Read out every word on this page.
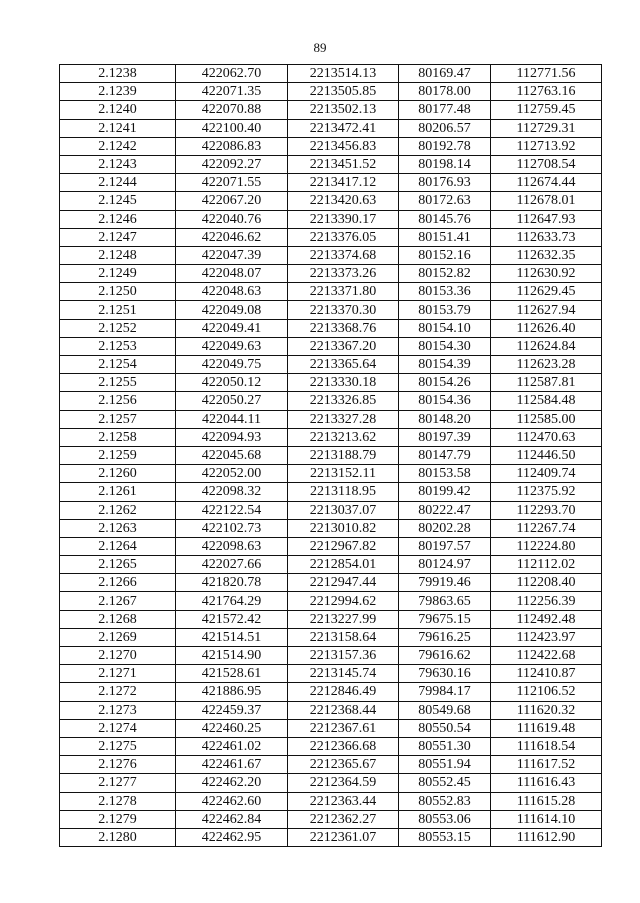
89
2.1238	422062.70	2213514.13	80169.47	112771.56
2.1239	422071.35	2213505.85	80178.00	112763.16
2.1240	422070.88	2213502.13	80177.48	112759.45
2.1241	422100.40	2213472.41	80206.57	112729.31
2.1242	422086.83	2213456.83	80192.78	112713.92
2.1243	422092.27	2213451.52	80198.14	112708.54
2.1244	422071.55	2213417.12	80176.93	112674.44
2.1245	422067.20	2213420.63	80172.63	112678.01
2.1246	422040.76	2213390.17	80145.76	112647.93
2.1247	422046.62	2213376.05	80151.41	112633.73
2.1248	422047.39	2213374.68	80152.16	112632.35
2.1249	422048.07	2213373.26	80152.82	112630.92
2.1250	422048.63	2213371.80	80153.36	112629.45
2.1251	422049.08	2213370.30	80153.79	112627.94
2.1252	422049.41	2213368.76	80154.10	112626.40
2.1253	422049.63	2213367.20	80154.30	112624.84
2.1254	422049.75	2213365.64	80154.39	112623.28
2.1255	422050.12	2213330.18	80154.26	112587.81
2.1256	422050.27	2213326.85	80154.36	112584.48
2.1257	422044.11	2213327.28	80148.20	112585.00
2.1258	422094.93	2213213.62	80197.39	112470.63
2.1259	422045.68	2213188.79	80147.79	112446.50
2.1260	422052.00	2213152.11	80153.58	112409.74
2.1261	422098.32	2213118.95	80199.42	112375.92
2.1262	422122.54	2213037.07	80222.47	112293.70
2.1263	422102.73	2213010.82	80202.28	112267.74
2.1264	422098.63	2212967.82	80197.57	112224.80
2.1265	422027.66	2212854.01	80124.97	112112.02
2.1266	421820.78	2212947.44	79919.46	112208.40
2.1267	421764.29	2212994.62	79863.65	112256.39
2.1268	421572.42	2213227.99	79675.15	112492.48
2.1269	421514.51	2213158.64	79616.25	112423.97
2.1270	421514.90	2213157.36	79616.62	112422.68
2.1271	421528.61	2213145.74	79630.16	112410.87
2.1272	421886.95	2212846.49	79984.17	112106.52
2.1273	422459.37	2212368.44	80549.68	111620.32
2.1274	422460.25	2212367.61	80550.54	111619.48
2.1275	422461.02	2212366.68	80551.30	111618.54
2.1276	422461.67	2212365.67	80551.94	111617.52
2.1277	422462.20	2212364.59	80552.45	111616.43
2.1278	422462.60	2212363.44	80552.83	111615.28
2.1279	422462.84	2212362.27	80553.06	111614.10
2.1280	422462.95	2212361.07	80553.15	111612.90
